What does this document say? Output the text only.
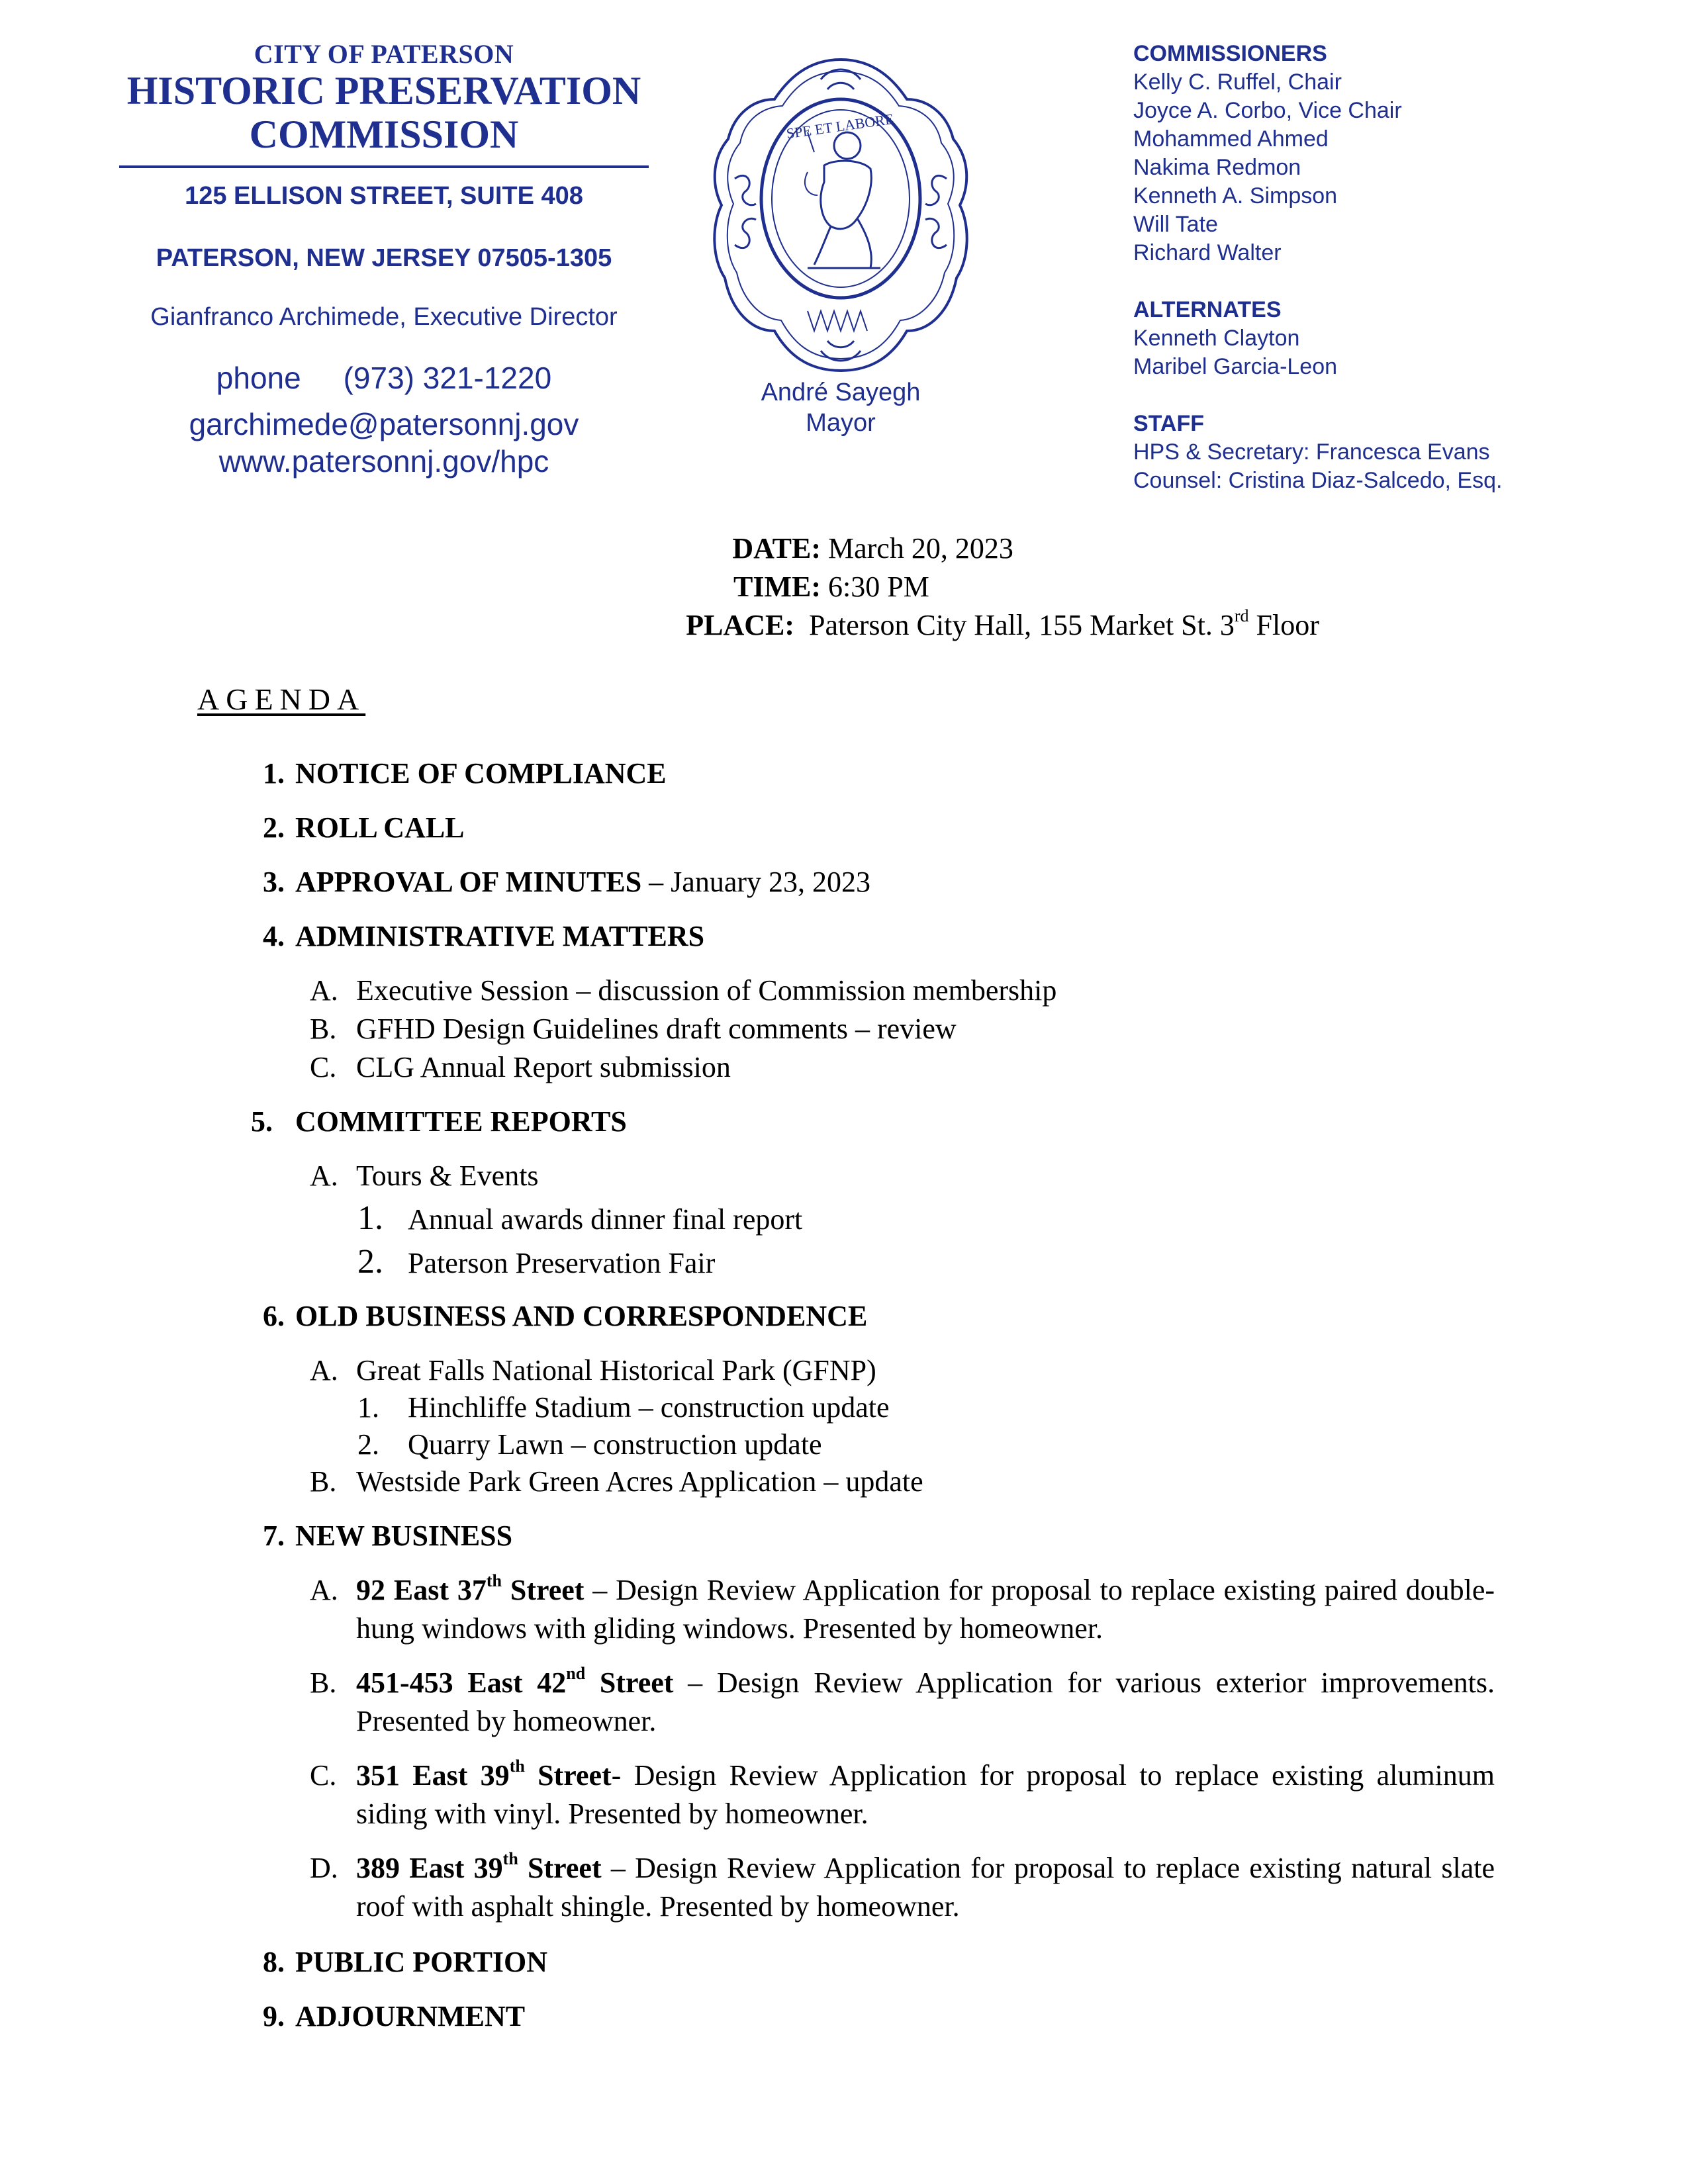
CITY OF PATERSON
HISTORIC PRESERVATION
COMMISSION
125 ELLISON STREET, SUITE 408
PATERSON, NEW JERSEY 07505-1305
Gianfranco Archimede, Executive Director
phone     (973) 321-1220
garchimede@patersonnj.gov
www.patersonnj.gov/hpc
SPE ET LABORE
André Sayegh
Mayor
COMMISSIONERS
Kelly C. Ruffel, Chair
Joyce A. Corbo, Vice Chair
Mohammed Ahmed
Nakima Redmon
Kenneth A. Simpson
Will Tate
Richard Walter
ALTERNATES
Kenneth Clayton
Maribel Garcia-Leon
STAFF
HPS & Secretary: Francesca Evans
Counsel: Cristina Diaz-Salcedo, Esq.
DATE: March 20, 2023
TIME: 6:30 PM
PLACE: Paterson City Hall, 155 Market St. 3rd Floor
AGENDA
1. NOTICE OF COMPLIANCE
2. ROLL CALL
3. APPROVAL OF MINUTES – January 23, 2023
4. ADMINISTRATIVE MATTERS
A. Executive Session – discussion of Commission membership
B. GFHD Design Guidelines draft comments – review
C. CLG Annual Report submission
5. COMMITTEE REPORTS
A. Tours & Events
1. Annual awards dinner final report
2. Paterson Preservation Fair
6. OLD BUSINESS AND CORRESPONDENCE
A. Great Falls National Historical Park (GFNP)
1. Hinchliffe Stadium – construction update
2. Quarry Lawn – construction update
B. Westside Park Green Acres Application – update
7. NEW BUSINESS
A. 92 East 37th Street – Design Review Application for proposal to replace existing paired double-hung windows with gliding windows. Presented by homeowner.
B. 451-453 East 42nd Street – Design Review Application for various exterior improvements. Presented by homeowner.
C. 351 East 39th Street- Design Review Application for proposal to replace existing aluminum siding with vinyl. Presented by homeowner.
D. 389 East 39th Street – Design Review Application for proposal to replace existing natural slate roof with asphalt shingle. Presented by homeowner.
8. PUBLIC PORTION
9. ADJOURNMENT
